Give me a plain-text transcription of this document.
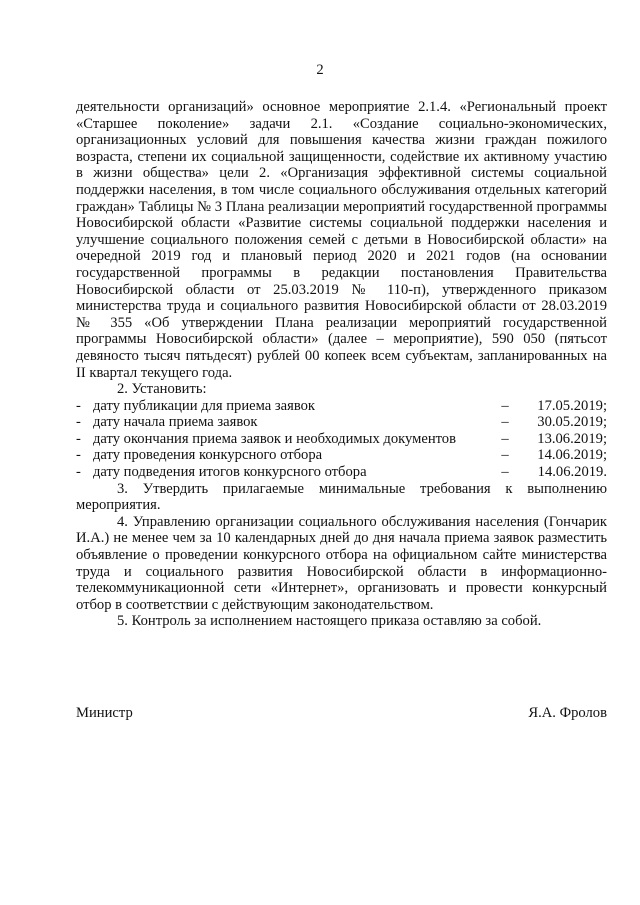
2

деятельности организаций» основное мероприятие 2.1.4. «Региональный проект «Старшее поколение» задачи 2.1. «Создание социально-экономических, организационных условий для повышения качества жизни граждан пожилого возраста, степени их социальной защищенности, содействие их активному участию в жизни общества» цели 2. «Организация эффективной системы социальной поддержки населения, в том числе социального обслуживания отдельных категорий граждан» Таблицы № 3 Плана реализации мероприятий государственной программы Новосибирской области «Развитие системы социальной поддержки населения и улучшение социального положения семей с детьми в Новосибирской области» на очередной 2019 год и плановый период 2020 и 2021 годов (на основании государственной программы в редакции постановления Правительства Новосибирской области от 25.03.2019 № 110-п), утвержденного приказом министерства труда и социального развития Новосибирской области от 28.03.2019 № 355 «Об утверждении Плана реализации мероприятий государственной программы Новосибирской области» (далее – мероприятие), 590 050 (пятьсот девяносто тысяч пятьдесят) рублей 00 копеек всем субъектам, запланированных на II квартал текущего года.

2. Установить:

- дату публикации для приема заявок	–	17.05.2019;
- дату начала приема заявок	–	30.05.2019;
- дату окончания приема заявок и необходимых документов	–	13.06.2019;
- дату проведения конкурсного отбора	–	14.06.2019;
- дату подведения итогов конкурсного отбора	–	14.06.2019.

3. Утвердить прилагаемые минимальные требования к выполнению мероприятия.

4. Управлению организации социального обслуживания населения (Гончарик И.А.) не менее чем за 10 календарных дней до дня начала приема заявок разместить объявление о проведении конкурсного отбора на официальном сайте министерства труда и социального развития Новосибирской области в информационно-телекоммуникационной сети «Интернет», организовать и провести конкурсный отбор в соответствии с действующим законодательством.

5. Контроль за исполнением настоящего приказа оставляю за собой.

Министр	Я.А. Фролов
